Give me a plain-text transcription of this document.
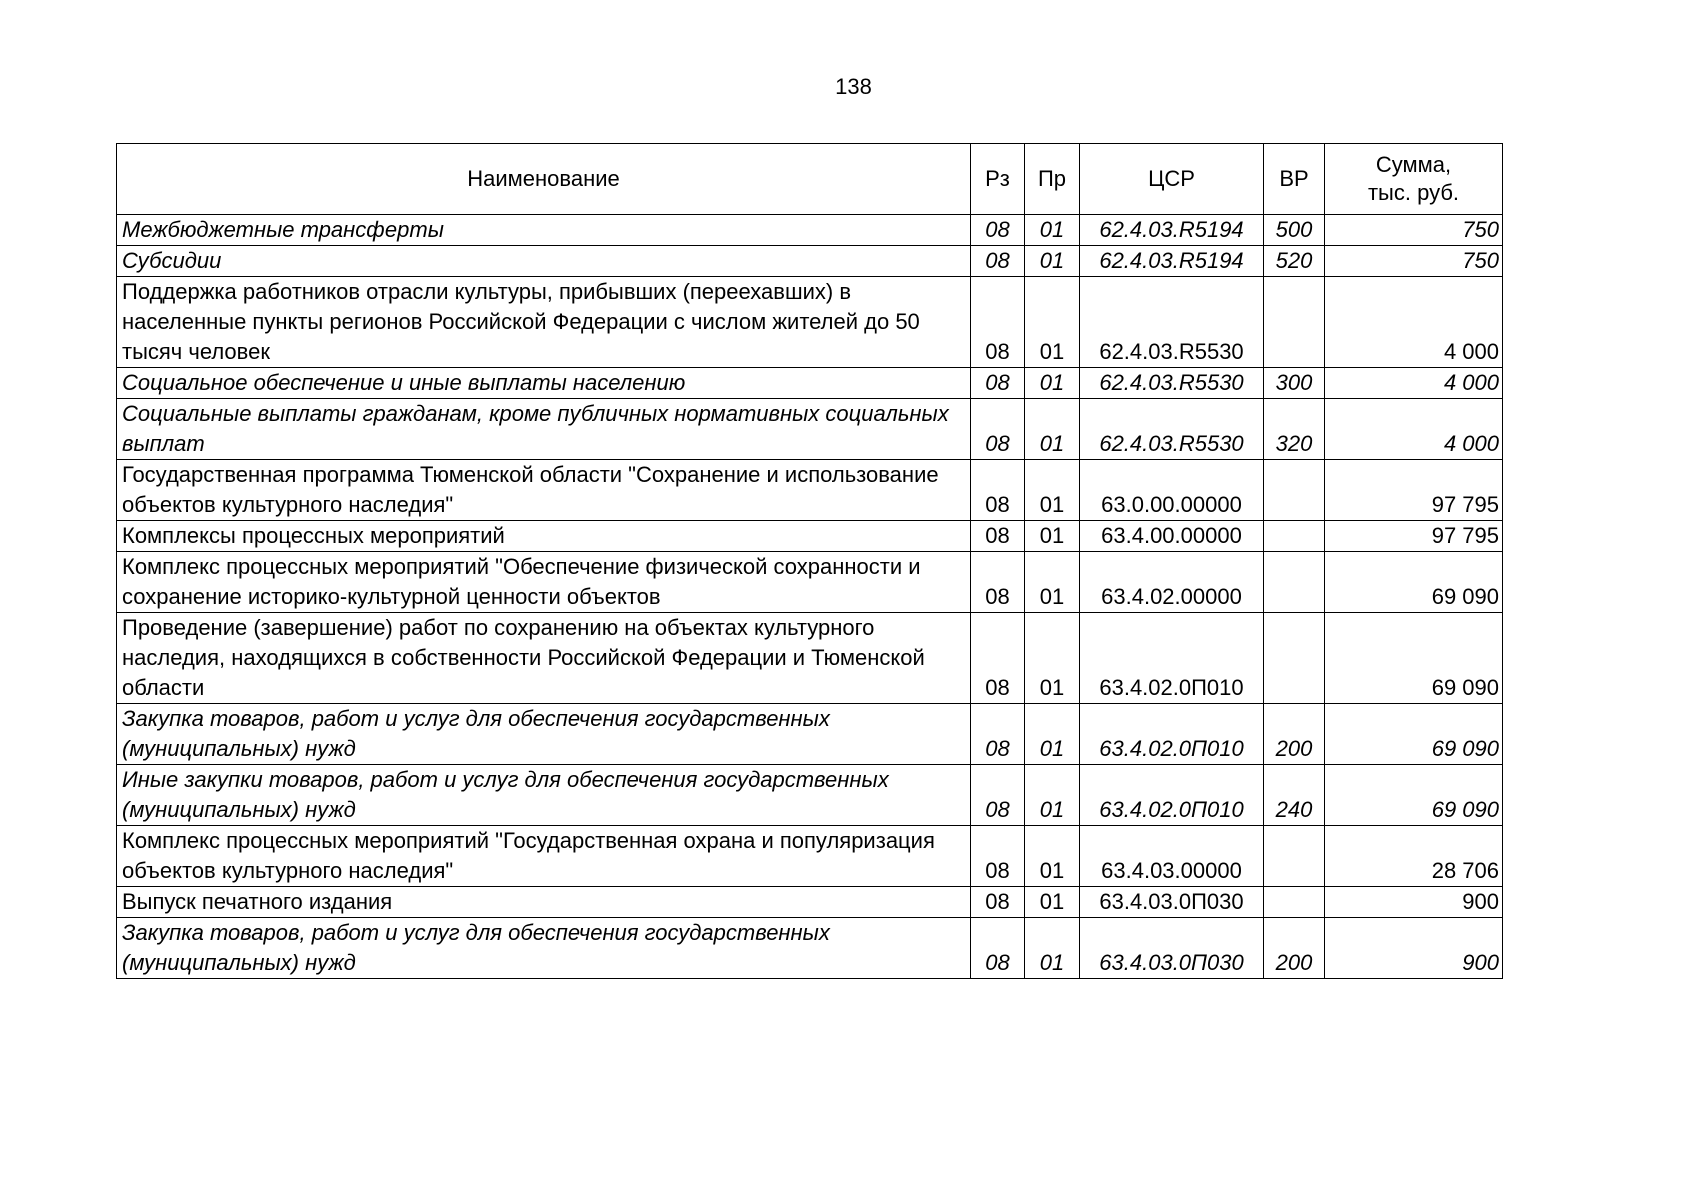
138
Наименование	Рз	Пр	ЦСР	ВР	Сумма,
тыс. руб.

Межбюджетные трансферты	08	01	62.4.03.R5194	500	750
Субсидии	08	01	62.4.03.R5194	520	750
Поддержка работников отрасли культуры, прибывших (переехавших) в населенные пункты регионов Российской Федерации с числом жителей до 50 тысяч человек	08	01	62.4.03.R5530		4 000
Социальное обеспечение и иные выплаты населению	08	01	62.4.03.R5530	300	4 000
Социальные выплаты гражданам, кроме публичных нормативных социальных выплат	08	01	62.4.03.R5530	320	4 000
Государственная программа Тюменской области "Сохранение и использование объектов культурного наследия"	08	01	63.0.00.00000		97 795
Комплексы процессных мероприятий	08	01	63.4.00.00000		97 795
Комплекс процессных мероприятий "Обеспечение физической сохранности и сохранение историко-культурной ценности объектов	08	01	63.4.02.00000		69 090
Проведение (завершение) работ по сохранению на объектах культурного наследия, находящихся в собственности Российской Федерации и Тюменской области	08	01	63.4.02.0П010		69 090
Закупка товаров, работ и услуг для обеспечения государственных (муниципальных) нужд	08	01	63.4.02.0П010	200	69 090
Иные закупки товаров, работ и услуг для обеспечения государственных (муниципальных) нужд	08	01	63.4.02.0П010	240	69 090
Комплекс процессных мероприятий "Государственная охрана и популяризация объектов культурного наследия"	08	01	63.4.03.00000		28 706
Выпуск печатного издания	08	01	63.4.03.0П030		900
Закупка товаров, работ и услуг для обеспечения государственных (муниципальных) нужд	08	01	63.4.03.0П030	200	900
